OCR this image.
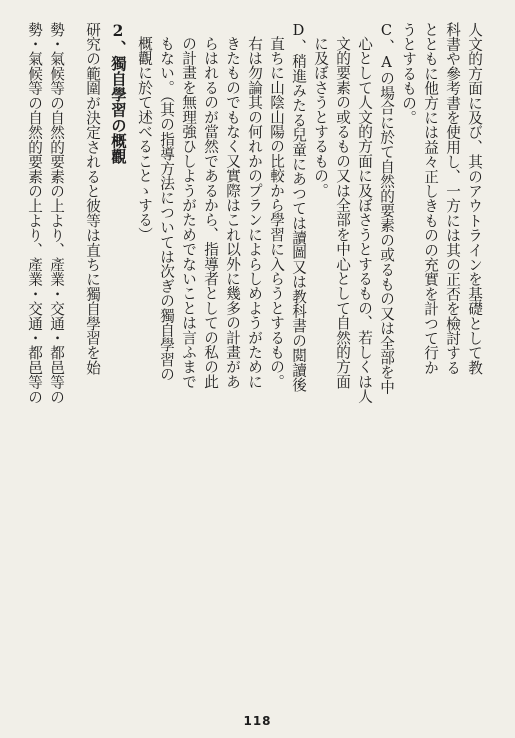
人文的方面に及び、其のアウトラインを基礎として教
科書や參考書を使用し、一方には其の正否を檢討する
とともに他方には益々正しきものの充實を計つて行か
うとするもの。
C、Aの場合に於て自然的要素の或るもの又は全部を中
心として人文的方面に及ぼさうとするもの、若しくは人
文的要素の或るもの又は全部を中心として自然的方面
に及ぼさうとするもの。
D、稍進みたる兒童にあつては讀圖又は教科書の閲讀後
直ちに山陰山陽の比較から學習に入らうとするもの。
右は勿論其の何れかのプランによらしめようがために
きたものでもなく又實際はこれ以外に幾多の計畫があ
らはれるのが當然であるから、指導者としての私の此
の計畫を無理強ひしようがためでないことは言ふまで
もない。（其の指導方法については次ぎの獨自學習の
概觀に於て述べることゝする）
2、獨自學習の概觀
研究の範圍が決定されると彼等は直ちに獨自學習を始
勢・氣候等の自然的要素の上より、產業・交通・都邑等の 勢・氣候等の自然的要素の上より、產業・交通・都邑等の
118
